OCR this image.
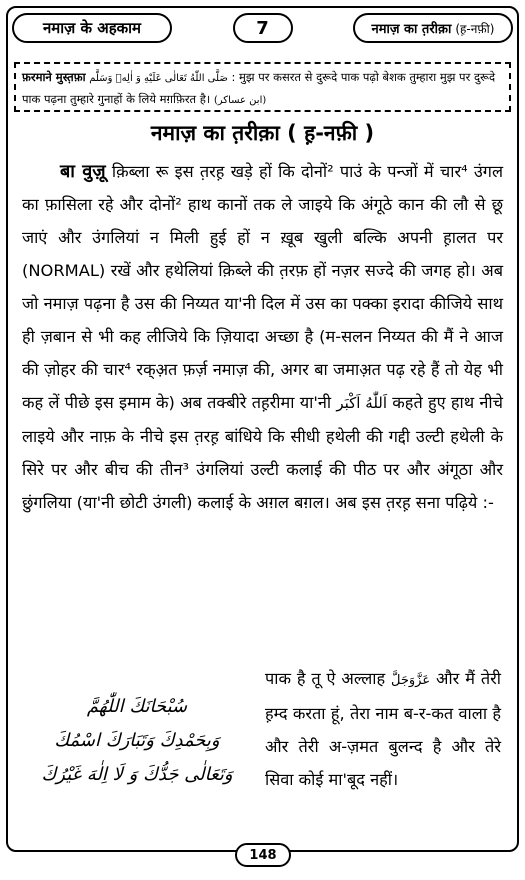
नमाज़ के अहकाम	7	नमाज़ का त़रीक़ा (ह़-नफ़ी)
फ़रमाने मुस्त़फ़ा صَلَّى اللّٰهُ تَعَالٰى عَلَيْهِ وَ اٰلِهٖ وَسَلَّم : मुझ पर कसरत से दुरूदे पाक पढ़ो बेशक तुम्हारा मुझ पर दुरूदे पाक पढ़ना तुम्हारे गुनाहों के लिये मग़फ़िरत है। (ابن عساکر)
नमाज़ का त़रीक़ा ( ह़-नफ़ी )

बा वुज़ू क़िब्ला रू इस त़रह़ खड़े हों कि दोनों² पाउं के पन्जों में चार⁴ उंगल का फ़ासिला रहे और दोनों² हाथ कानों तक ले जाइये कि अंगूठे कान की लौ से छू जाएं और उंगलियां न मिली हुई हों न ख़ूब खुली बल्कि अपनी ह़ालत पर (NORMAL) रखें और हथेलियां क़िब्ले की त़रफ़ हों नज़र सज्दे की जगह हो। अब जो नमाज़ पढ़ना है उस की निय्यत या'नी दिल में उस का पक्का इरादा कीजिये साथ ही ज़बान से भी कह लीजिये कि ज़ियादा अच्छा है (म-सलन निय्यत की मैं ने आज की ज़ोहर की चार⁴ रक्अ़त फ़र्ज़ नमाज़ की, अगर बा जमाअ़त पढ़ रहे हैं तो येह भी कह लें पीछे इस इमाम के) अब तक्बीरे तह़रीमा या'नी اَللّٰهُ اَكْبَر कहते हुए हाथ नीचे लाइये और नाफ़ के नीचे इस त़रह़ बांधिये कि सीधी हथेली की गद्दी उल्टी हथेली के सिरे पर और बीच की तीन³ उंगलियां उल्टी कलाई की पीठ पर और अंगूठा और छुंगलिया (या'नी छोटी उंगली) कलाई के अग़ल बग़ल। अब इस त़रह़ सना पढ़िये :-

سُبْحَانَكَ اللّٰهُمَّ
وَبِحَمْدِكَ وَتَبَارَكَ اسْمُكَ
وَتَعَالٰى جَدُّكَ وَ لَا اِلٰهَ غَيْرُكَ
पाक है तू ऐ अल्लाह عَزَّوَجَلَّ और मैं तेरी ह़म्द करता हूं, तेरा नाम ब-र-कत वाला है और तेरी अ-ज़मत बुलन्द है और तेरे सिवा कोई मा'बूद नहीं।
148
